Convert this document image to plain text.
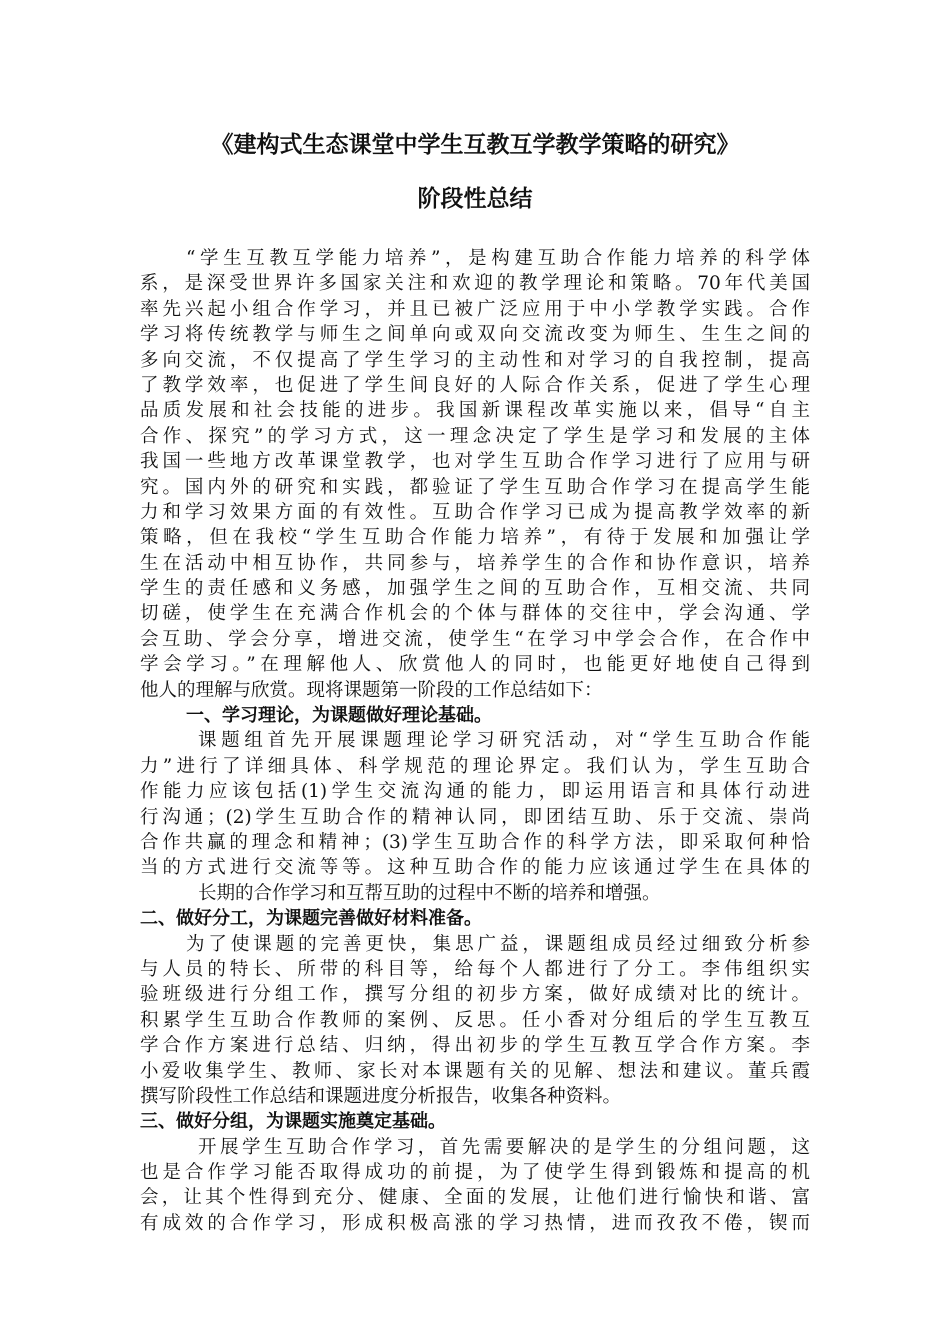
《建构式生态课堂中学生互教互学教学策略的研究》
阶段性总结
“学生互教互学能力培养”，是构建互助合作能力培养的科学体
系，是深受世界许多国家关注和欢迎的教学理论和策略。70年代美国
率先兴起小组合作学习，并且已被广泛应用于中小学教学实践。合作
学习将传统教学与师生之间单向或双向交流改变为师生、生生之间的
多向交流，不仅提高了学生学习的主动性和对学习的自我控制，提高
了教学效率，也促进了学生间良好的人际合作关系，促进了学生心理
品质发展和社会技能的进步。我国新课程改革实施以来，倡导“自主
合作、探究”的学习方式，这一理念决定了学生是学习和发展的主体
我国一些地方改革课堂教学，也对学生互助合作学习进行了应用与研
究。国内外的研究和实践，都验证了学生互助合作学习在提高学生能
力和学习效果方面的有效性。互助合作学习已成为提高教学效率的新
策略，但在我校“学生互助合作能力培养”，有待于发展和加强让学
生在活动中相互协作，共同参与，培养学生的合作和协作意识，培养
学生的责任感和义务感，加强学生之间的互助合作，互相交流、共同
切磋，使学生在充满合作机会的个体与群体的交往中，学会沟通、学
会互助、学会分享，增进交流，使学生“在学习中学会合作，在合作中
学会学习。”在理解他人、欣赏他人的同时，也能更好地使自己得到
他人的理解与欣赏。现将课题第一阶段的工作总结如下：
一、学习理论，为课题做好理论基础。
课题组首先开展课题理论学习研究活动，对“学生互助合作能
力”进行了详细具体、科学规范的理论界定。我们认为，学生互助合
作能力应该包括(1)学生交流沟通的能力，即运用语言和具体行动进
行沟通；(2)学生互助合作的精神认同，即团结互助、乐于交流、崇尚
合作共赢的理念和精神；(3)学生互助合作的科学方法，即采取何种恰
当的方式进行交流等等。这种互助合作的能力应该通过学生在具体的
长期的合作学习和互帮互助的过程中不断的培养和增强。
二、做好分工，为课题完善做好材料准备。
为了使课题的完善更快，集思广益，课题组成员经过细致分析参
与人员的特长、所带的科目等，给每个人都进行了分工。李伟组织实
验班级进行分组工作，撰写分组的初步方案，做好成绩对比的统计。
积累学生互助合作教师的案例、反思。任小香对分组后的学生互教互
学合作方案进行总结、归纳，得出初步的学生互教互学合作方案。李
小爱收集学生、教师、家长对本课题有关的见解、想法和建议。董兵霞
撰写阶段性工作总结和课题进度分析报告，收集各种资料。
三、做好分组，为课题实施奠定基础。
开展学生互助合作学习，首先需要解决的是学生的分组问题，这
也是合作学习能否取得成功的前提，为了使学生得到锻炼和提高的机
会，让其个性得到充分、健康、全面的发展，让他们进行愉快和谐、富
有成效的合作学习，形成积极高涨的学习热情，进而孜孜不倦，锲而
